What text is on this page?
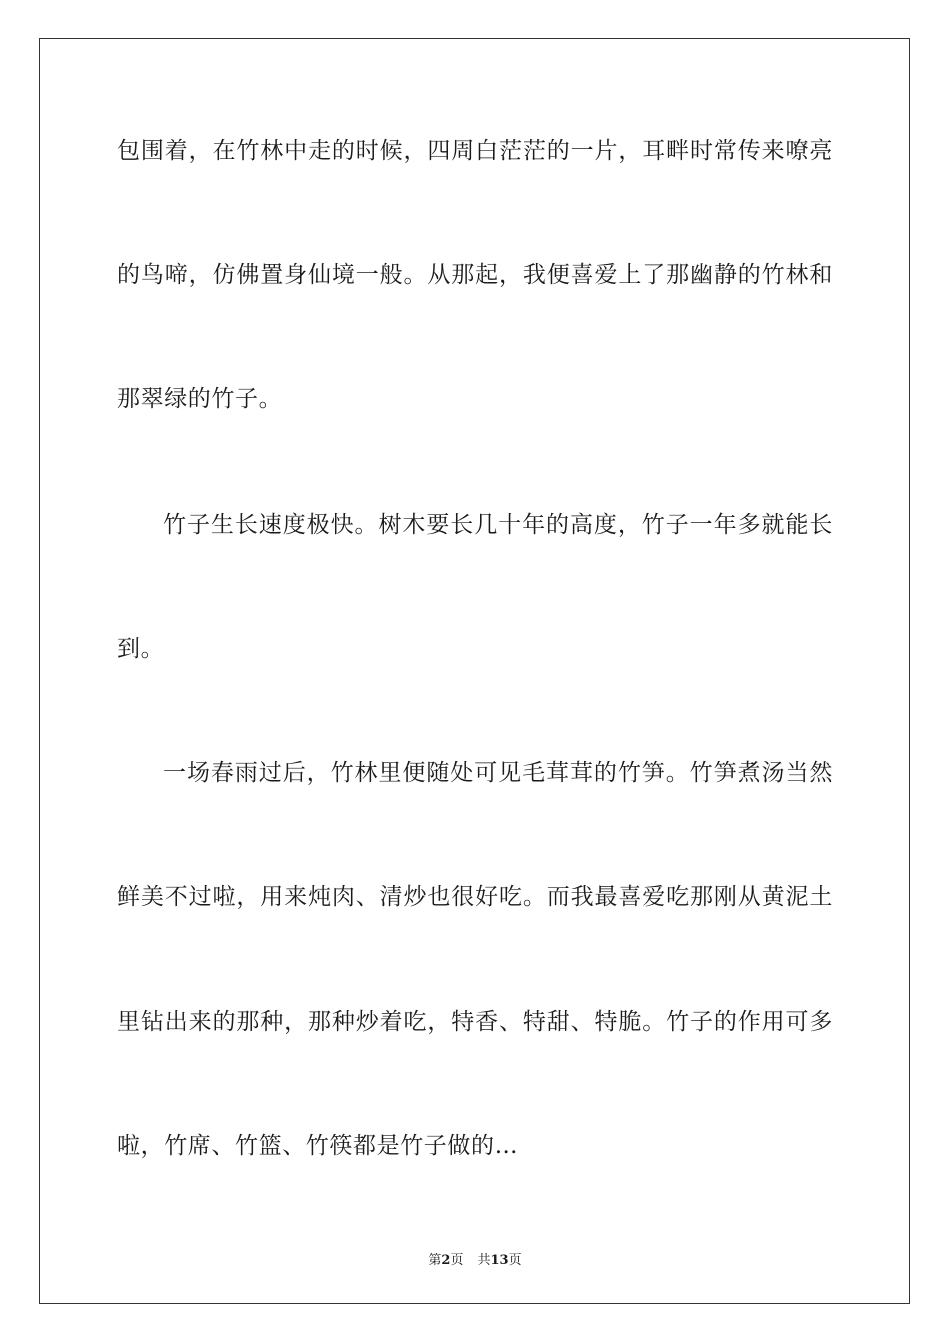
包围着，在竹林中走的时候，四周白茫茫的一片，耳畔时常传来嘹亮
的鸟啼，仿佛置身仙境一般。从那起，我便喜爱上了那幽静的竹林和
那翠绿的竹子。
竹子生长速度极快。树木要长几十年的高度，竹子一年多就能长
到。
一场春雨过后，竹林里便随处可见毛茸茸的竹笋。竹笋煮汤当然
鲜美不过啦，用来炖肉、清炒也很好吃。而我最喜爱吃那刚从黄泥土
里钻出来的那种，那种炒着吃，特香、特甜、特脆。竹子的作用可多
啦，竹席、竹篮、竹筷都是竹子做的…
第2页 共13页
